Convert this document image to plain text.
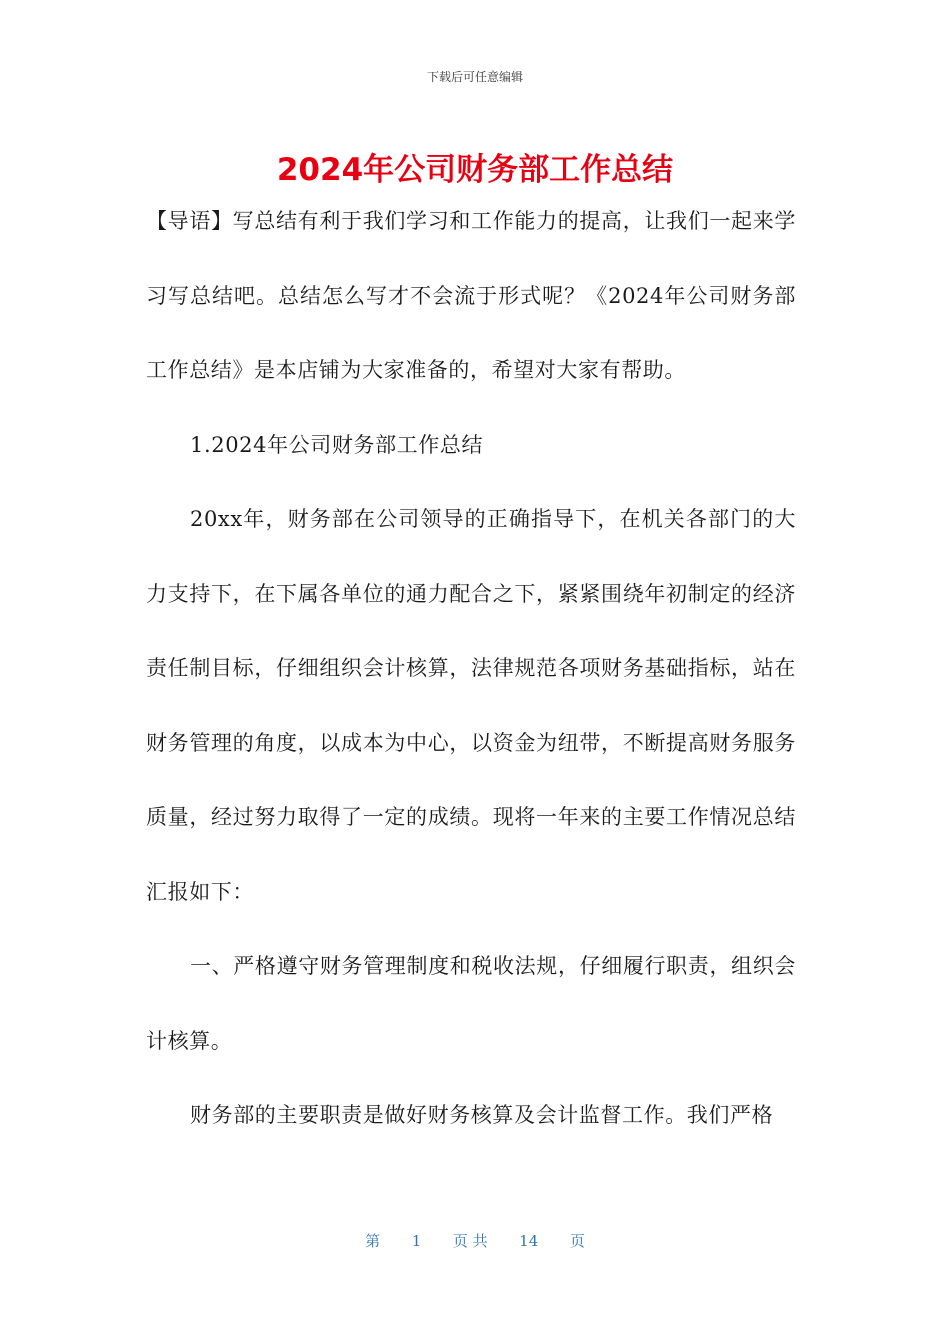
下载后可任意编辑
2024年公司财务部工作总结

【导语】写总结有利于我们学习和工作能力的提高，让我们一起来学习写总结吧。总结怎么写才不会流于形式呢？《2024年公司财务部工作总结》是本店铺为大家准备的，希望对大家有帮助。

1.2024年公司财务部工作总结

20xx年，财务部在公司领导的正确指导下，在机关各部门的大力支持下，在下属各单位的通力配合之下，紧紧围绕年初制定的经济责任制目标，仔细组织会计核算，法律规范各项财务基础指标，站在财务管理的角度，以成本为中心，以资金为纽带，不断提高财务服务质量，经过努力取得了一定的成绩。现将一年来的主要工作情况总结汇报如下：

一、严格遵守财务管理制度和税收法规，仔细履行职责，组织会计核算。

财务部的主要职责是做好财务核算及会计监督工作。我们严格

第 1 页 共 14 页
